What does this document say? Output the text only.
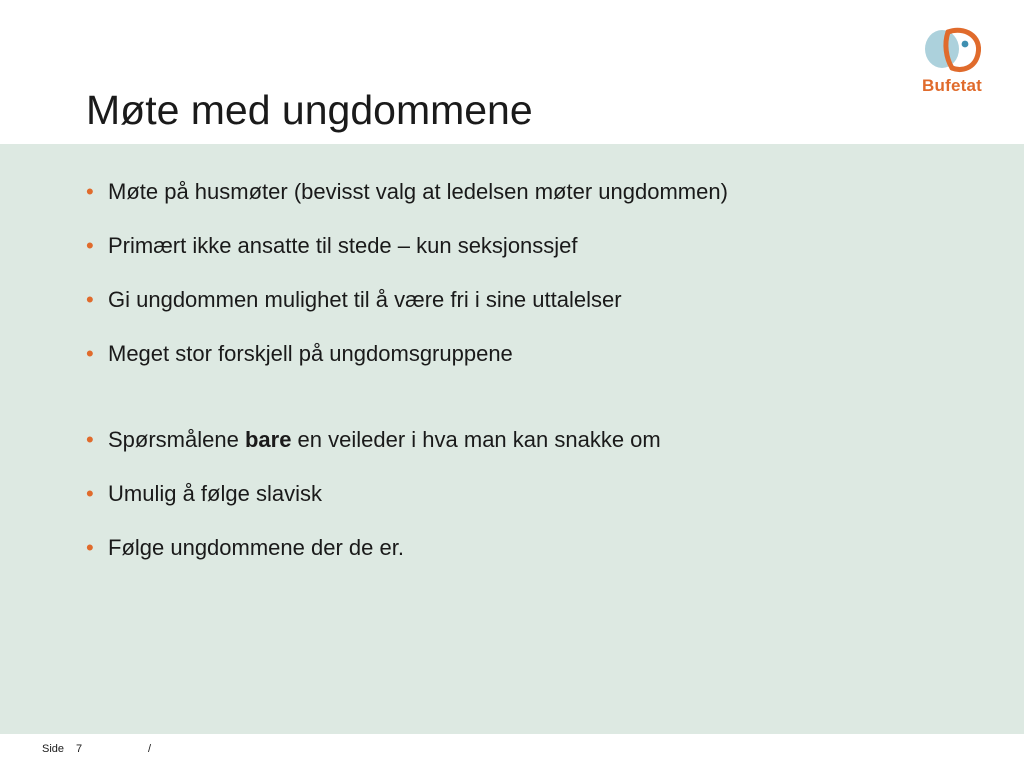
Møte med ungdommene
Bufetat
• Møte på husmøter (bevisst valg at ledelsen møter ungdommen)
• Primært ikke ansatte til stede – kun seksjonssjef
• Gi ungdommen mulighet til å være fri i sine uttalelser
• Meget stor forskjell på ungdomsgruppene
• Spørsmålene bare en veileder i hva man kan snakke om
• Umulig å følge slavisk
• Følge ungdommene der de er.
Side 7	/
